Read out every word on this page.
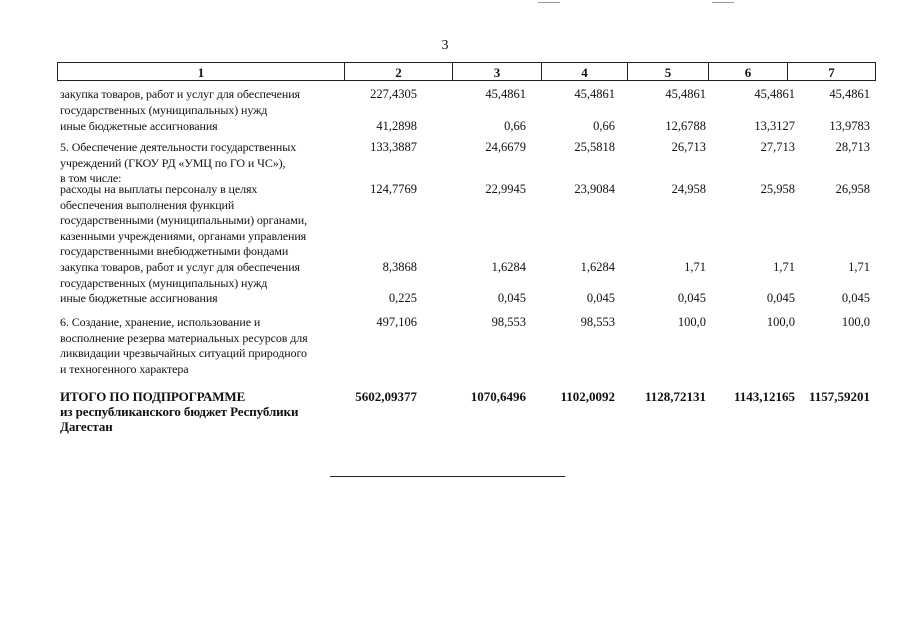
3
1	2	3	4	5	6	7
закупка товаров, работ и услуг для обеспечения
государственных (муниципальных) нужд
227,4305	45,4861	45,4861	45,4861	45,4861	45,4861
иные бюджетные ассигнования	41,2898	0,66	0,66	12,6788	13,3127	13,9783
5. Обеспечение деятельности государственных
учреждений (ГКОУ РД «УМЦ по ГО и ЧС»),
в том числе:
133,3887	24,6679	25,5818	26,713	27,713	28,713
расходы на выплаты персоналу в целях
обеспечения выполнения функций
государственными (муниципальными) органами,
казенными учреждениями, органами управления
государственными внебюджетными фондами
124,7769	22,9945	23,9084	24,958	25,958	26,958
закупка товаров, работ и услуг для обеспечения
государственных (муниципальных) нужд
8,3868	1,6284	1,6284	1,71	1,71	1,71
иные бюджетные ассигнования	0,225	0,045	0,045	0,045	0,045	0,045
6. Создание, хранение, использование и
восполнение резерва материальных ресурсов для
ликвидации чрезвычайных ситуаций природного
и техногенного характера
497,106	98,553	98,553	100,0	100,0	100,0
ИТОГО ПО ПОДПРОГРАММЕ
из республиканского бюджет Республики
Дагестан
5602,09377	1070,6496	1102,0092 1128,72131 1143,12165 1157,59201
